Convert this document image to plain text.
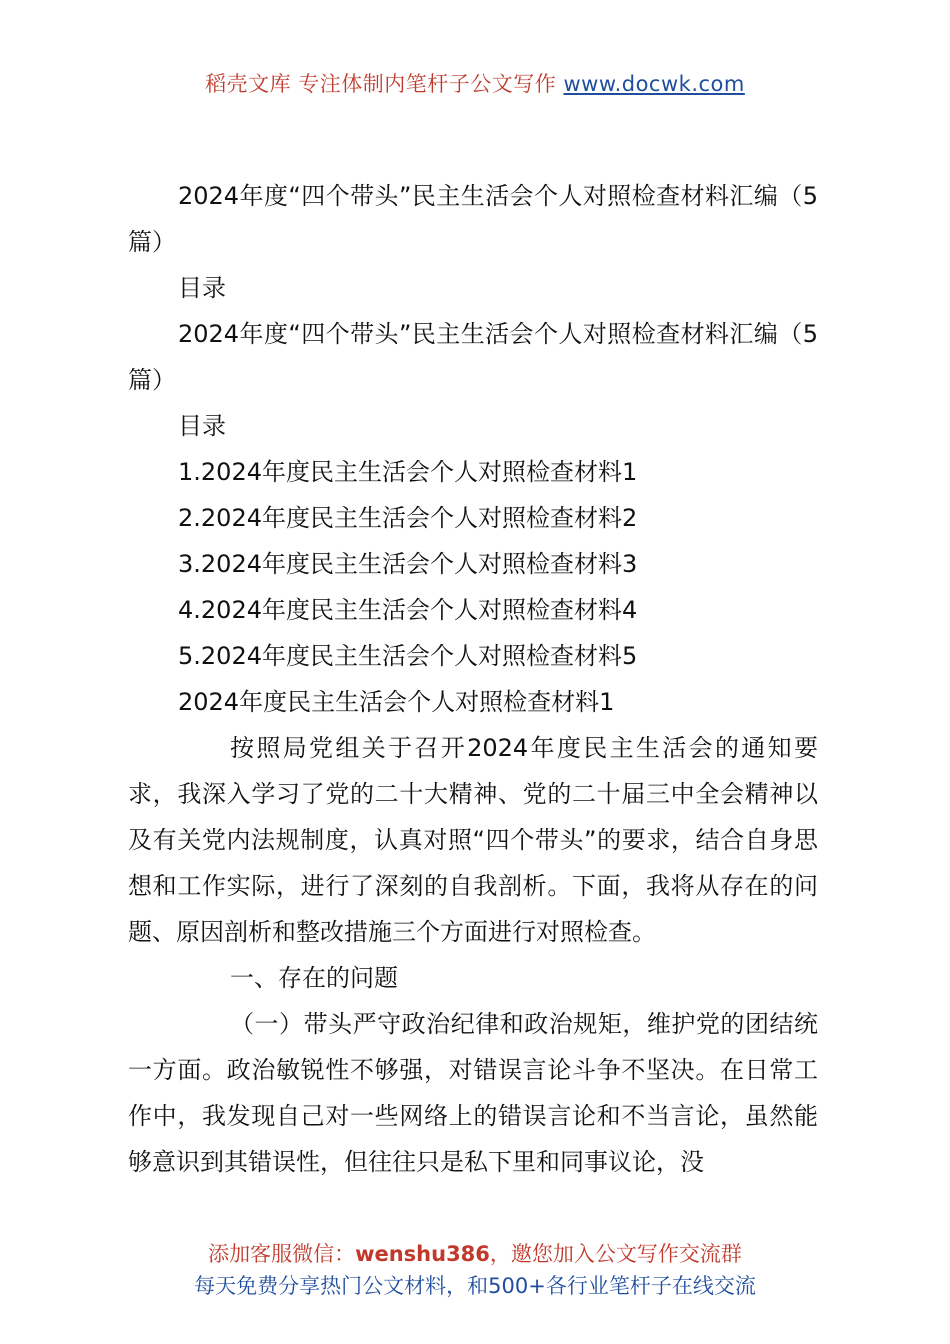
稻壳文库 专注体制内笔杆子公文写作 www.docwk.com

2024年度“四个带头”民主生活会个人对照检查材料汇编（5篇）

目录

2024年度“四个带头”民主生活会个人对照检查材料汇编（5篇）

目录

1.2024年度民主生活会个人对照检查材料1

2.2024年度民主生活会个人对照检查材料2

3.2024年度民主生活会个人对照检查材料3

4.2024年度民主生活会个人对照检查材料4

5.2024年度民主生活会个人对照检查材料5

2024年度民主生活会个人对照检查材料1

按照局党组关于召开2024年度民主生活会的通知要求，我深入学习了党的二十大精神、党的二十届三中全会精神以及有关党内法规制度，认真对照“四个带头”的要求，结合自身思想和工作实际，进行了深刻的自我剖析。下面，我将从存在的问题、原因剖析和整改措施三个方面进行对照检查。

一、存在的问题

（一）带头严守政治纪律和政治规矩，维护党的团结统一方面。政治敏锐性不够强，对错误言论斗争不坚决。在日常工作中，我发现自己对一些网络上的错误言论和不当言论，虽然能够意识到其错误性，但往往只是私下里和同事议论，没

添加客服微信：wenshu386，邀您加入公文写作交流群
每天免费分享热门公文材料，和500+各行业笔杆子在线交流
